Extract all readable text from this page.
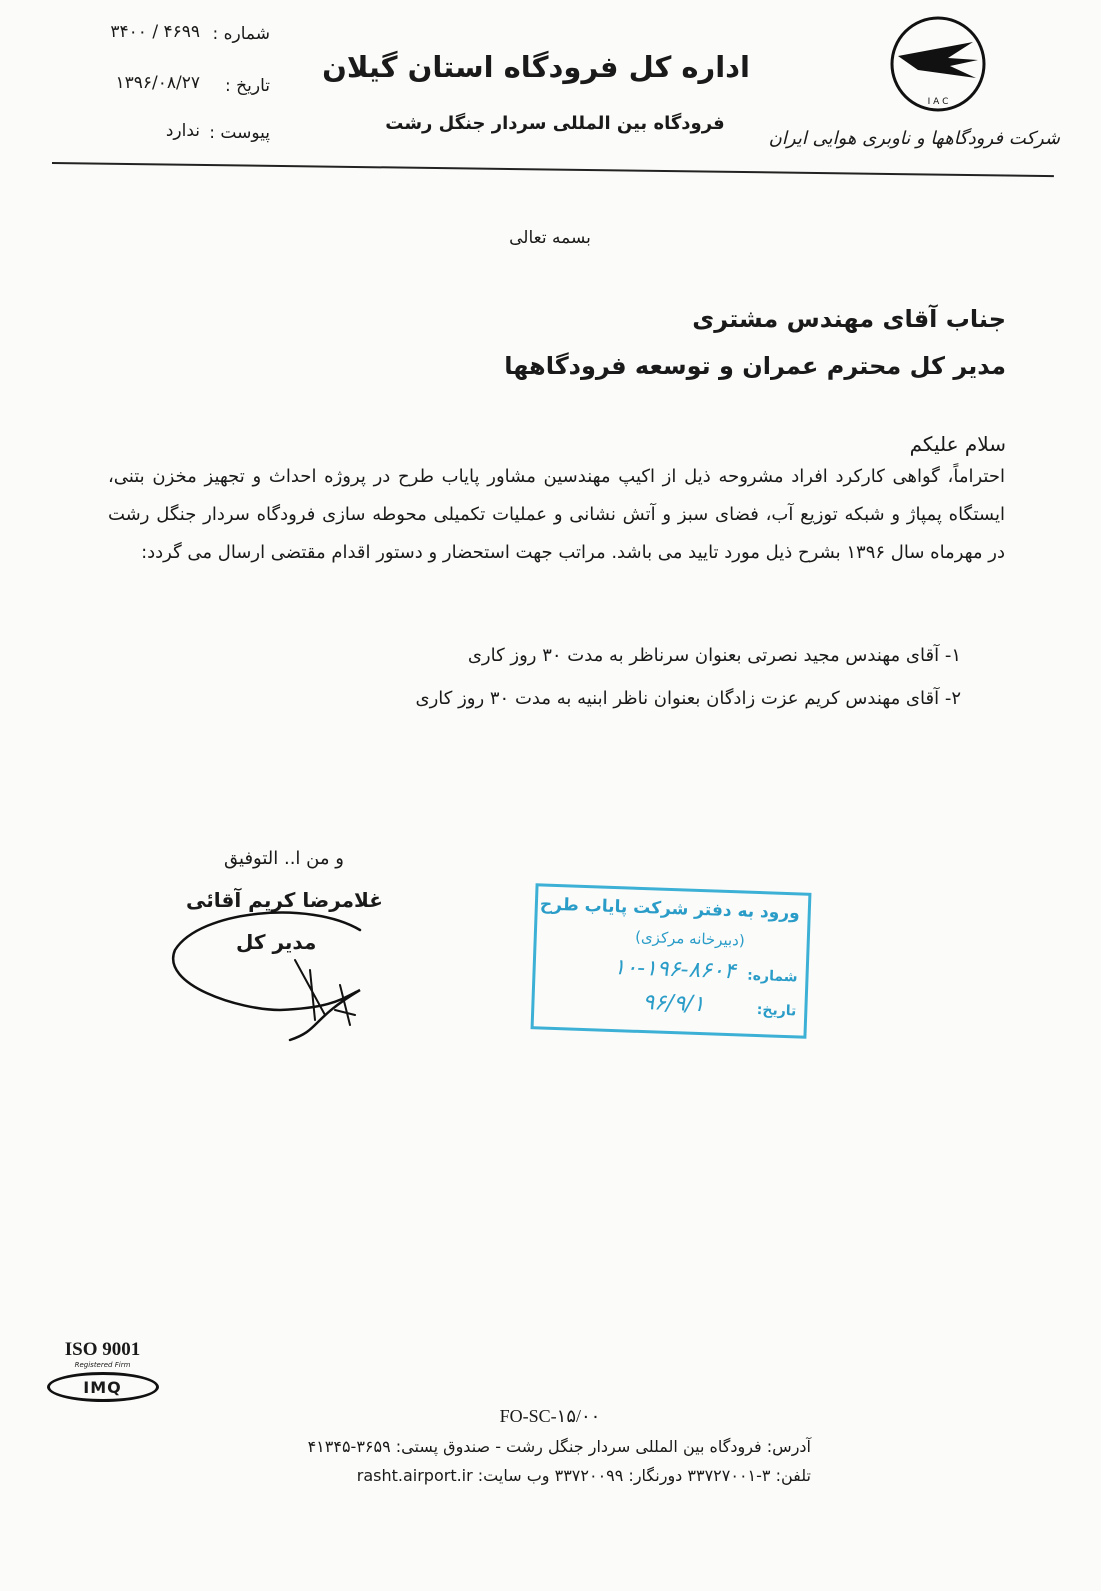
I A C
شرکت فرودگاهها و ناوبری هوایی ایران
اداره کل فرودگاه استان گیلان
فرودگاه بین المللی سردار جنگل رشت
شماره :
۳۴۰۰ / ۴۶۹۹
تاریخ :
۱۳۹۶/۰۸/۲۷
پیوست :
ندارد
بسمه تعالی
جناب آقای مهندس مشتری
مدیر کل محترم عمران و توسعه فرودگاهها
سلام علیکم
احتراماً، گواهی کارکرد افراد مشروحه ذیل از اکیپ مهندسین مشاور پایاب طرح در پروژه احداث و تجهیز مخزن بتنی، ایستگاه پمپاژ و شبکه توزیع آب، فضای سبز و آتش نشانی و عملیات تکمیلی محوطه سازی فرودگاه سردار جنگل رشت در مهرماه سال ۱۳۹۶ بشرح ذیل مورد تایید می باشد. مراتب جهت استحضار و دستور اقدام مقتضی ارسال می گردد:
۱- آقای مهندس مجید نصرتی بعنوان سرناظر به مدت ۳۰ روز کاری
۲- آقای مهندس کریم عزت زادگان بعنوان ناظر ابنیه به مدت ۳۰ روز کاری
و من ا.. التوفیق
غلامرضا کریم آقائی
مدیر کل
ورود به دفتر شرکت پایاب طرح
(دبیرخانه مرکزی)
شماره:
۱۰-۱۹۶-۸۶۰۴
تاریخ:
۹۶/۹/۱
ISO 9001
Registered Firm
IMQ
FO-SC-۱۵/۰۰
آدرس: فرودگاه بین المللی سردار جنگل رشت - صندوق پستی: ۳۶۵۹-۴۱۳۴۵
تلفن: ۳-۳۳۷۲۷۰۰۱ دورنگار: ۳۳۷۲۰۰۹۹ وب سایت: rasht.airport.ir
